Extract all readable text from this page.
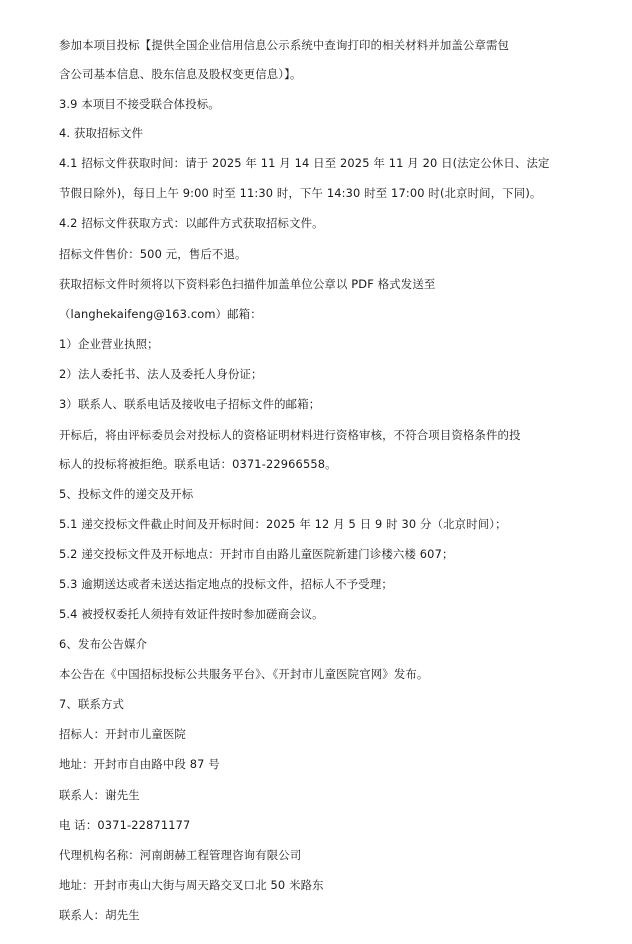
参加本项目投标【提供全国企业信用信息公示系统中查询打印的相关材料并加盖公章需包
含公司基本信息、股东信息及股权变更信息）】。
3.9 本项目不接受联合体投标。
4. 获取招标文件
4.1 招标文件获取时间：请于 2025 年 11 月 14 日至 2025 年 11 月 20 日(法定公休日、法定
节假日除外)，每日上午 9:00 时至 11:30 时，下午 14:30 时至 17:00 时(北京时间，下同)。
4.2 招标文件获取方式：以邮件方式获取招标文件。
招标文件售价：500 元，售后不退。
获取招标文件时须将以下资料彩色扫描件加盖单位公章以 PDF 格式发送至
（langhekaifeng@163.com）邮箱：
1）企业营业执照；
2）法人委托书、法人及委托人身份证；
3）联系人、联系电话及接收电子招标文件的邮箱；
开标后，将由评标委员会对投标人的资格证明材料进行资格审核，不符合项目资格条件的投
标人的投标将被拒绝。联系电话：0371-22966558。
5、投标文件的递交及开标
5.1 递交投标文件截止时间及开标时间：2025 年 12 月 5 日 9 时 30 分（北京时间）；
5.2 递交投标文件及开标地点：开封市自由路儿童医院新建门诊楼六楼 607；
5.3 逾期送达或者未送达指定地点的投标文件，招标人不予受理；
5.4 被授权委托人须持有效证件按时参加磋商会议。
6、发布公告媒介
本公告在《中国招标投标公共服务平台》、《开封市儿童医院官网》发布。
7、联系方式
招标人：开封市儿童医院
地址：开封市自由路中段 87 号
联系人：谢先生
电 话：0371-22871177
代理机构名称：河南朗赫工程管理咨询有限公司
地址：开封市夷山大街与周天路交叉口北 50 米路东
联系人：胡先生
